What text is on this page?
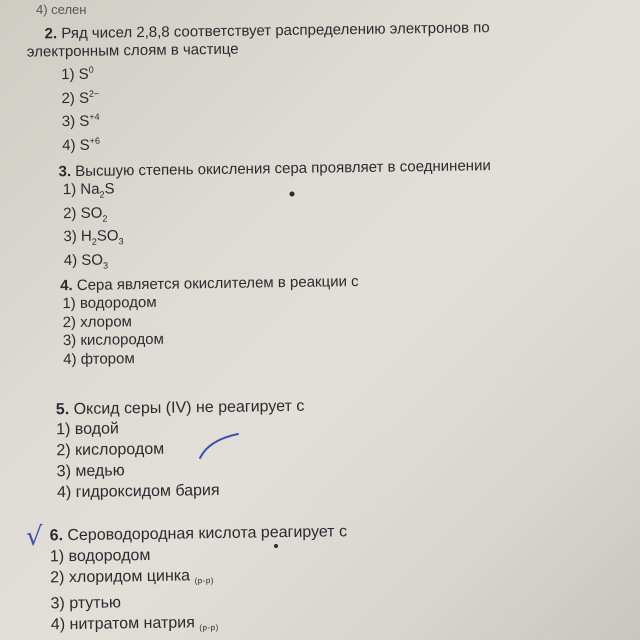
4) селен
2. Ряд чисел 2,8,8 соответствует распределению электронов по
электронным слоям в частице
1) $S^0$
2) $S^{2-}$
3) $S^{+4}$
4) $S^{+6}$
3. Высшую степень окисления сера проявляет в соеднинении
1) $Na_2S$
2) $SO_2$
3) $H_2SO_3$
4) $SO_3$
4. Сера является окислителем в реакции с
1) водородом
2) хлором
3) кислородом
4) фтором
5. Оксид серы (IV) не реагирует с
1) водой
2) кислородом
3) медью
4) гидроксидом бария
6. Сероводородная кислота реагирует с
1) водородом
2) хлоридом цинка (р-р)
3) ртутью
4) нитратом натрия (р-р)
√
